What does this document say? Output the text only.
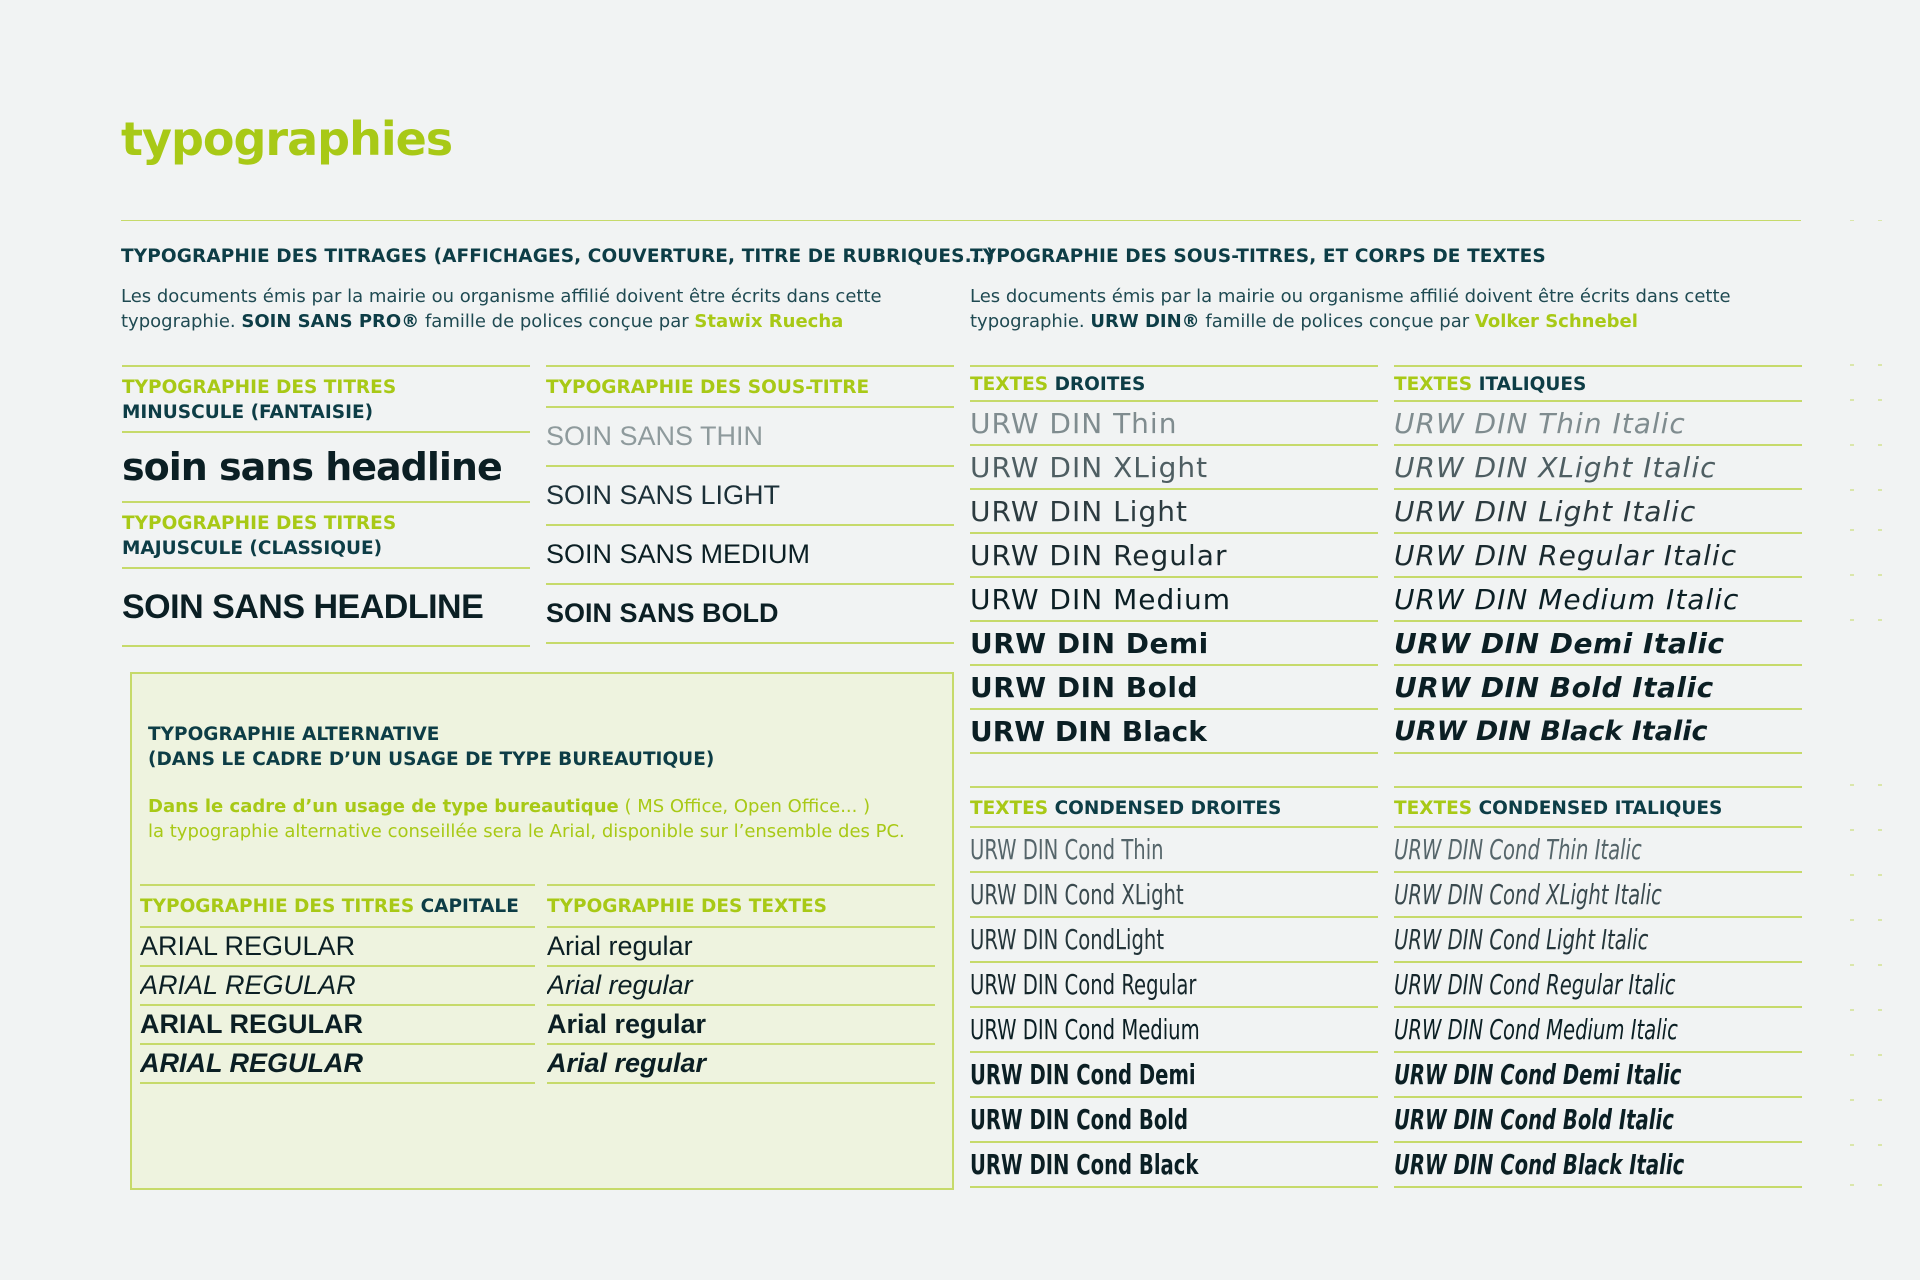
typographies
TYPOGRAPHIE DES TITRAGES (AFFICHAGES, COUVERTURE, TITRE DE RUBRIQUES...)
Les documents émis par la mairie ou organisme affilié doivent être écrits dans cette
typographie. SOIN SANS PRO® famille de polices conçue par Stawix Ruecha
TYPOGRAPHIE DES SOUS-TITRES, ET CORPS DE TEXTES
Les documents émis par la mairie ou organisme affilié doivent être écrits dans cette
typographie. URW DIN® famille de polices conçue par Volker Schnebel
TYPOGRAPHIE DES TITRES
MINUSCULE (FANTAISIE)
soin sans headline
TYPOGRAPHIE DES TITRES
MAJUSCULE (CLASSIQUE)
SOIN SANS HEADLINE
TYPOGRAPHIE DES SOUS-TITRE
SOIN SANS THIN
SOIN SANS LIGHT
SOIN SANS MEDIUM
SOIN SANS BOLD
TEXTES DROITES
URW DIN Thin
URW DIN XLight
URW DIN Light
URW DIN Regular
URW DIN Medium
URW DIN Demi
URW DIN Bold
URW DIN Black
TEXTES ITALIQUES
URW DIN Thin Italic
URW DIN XLight Italic
URW DIN Light Italic
URW DIN Regular Italic
URW DIN Medium Italic
URW DIN Demi Italic
URW DIN Bold Italic
URW DIN Black Italic
TEXTES CONDENSED DROITES
URW DIN Cond Thin
URW DIN Cond XLight
URW DIN CondLight
URW DIN Cond Regular
URW DIN Cond Medium
URW DIN Cond Demi
URW DIN Cond Bold
URW DIN Cond Black
TEXTES CONDENSED ITALIQUES
URW DIN Cond Thin Italic
URW DIN Cond XLight Italic
URW DIN Cond Light Italic
URW DIN Cond Regular Italic
URW DIN Cond Medium Italic
URW DIN Cond Demi Italic
URW DIN Cond Bold Italic
URW DIN Cond Black Italic
TYPOGRAPHIE ALTERNATIVE
(DANS LE CADRE D’UN USAGE DE TYPE BUREAUTIQUE)
Dans le cadre d’un usage de type bureautique ( MS Office, Open Office... )
la typographie alternative conseillée sera le Arial, disponible sur l’ensemble des PC.
TYPOGRAPHIE DES TITRES CAPITALE
ARIAL REGULAR
ARIAL REGULAR
ARIAL REGULAR
ARIAL REGULAR
TYPOGRAPHIE DES TEXTES
Arial regular
Arial regular
Arial regular
Arial regular
